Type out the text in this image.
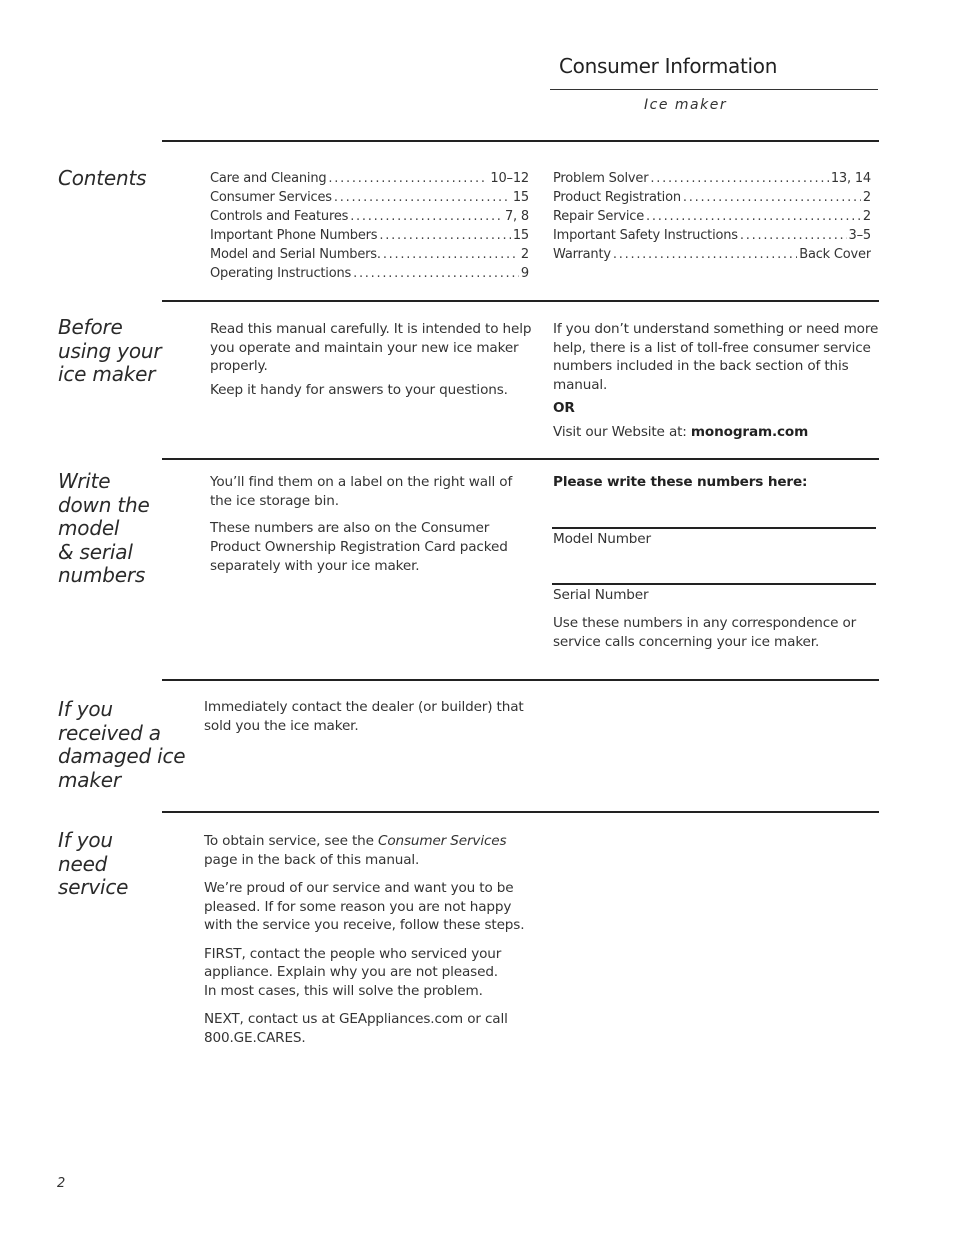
Consumer Information
Ice maker
Contents	Care and Cleaning . . .	10–12
Consumer Services . . .	15
Controls and Features . . .	7, 8
Important Phone Numbers . . .	15
Model and Serial Numbers. . . .	2
Operating Instructions . . .	9
Problem Solver . . .	13, 14
Product Registration . . .	2
Repair Service . . .	2
Important Safety Instructions . . .	3–5
Warranty . . .	Back Cover
Before
using your
ice maker

Read this manual carefully. It is intended to help you operate and maintain your new ice maker properly.

Keep it handy for answers to your questions.

If you don’t understand something or need more help, there is a list of toll-free consumer service numbers included in the back section of this manual.

OR

Visit our Website at: monogram.com

Write
down the
model
& serial
numbers

You’ll find them on a label on the right wall of the ice storage bin.

These numbers are also on the Consumer Product Ownership Registration Card packed separately with your ice maker.

Please write these numbers here:
Model Number
Serial Number
Use these numbers in any correspondence or service calls concerning your ice maker.
If you
received a
damaged ice
maker
Immediately contact the dealer (or builder) that sold you the ice maker.
If you
need
service

To obtain service, see the Consumer Services page in the back of this manual.

We’re proud of our service and want you to be pleased. If for some reason you are not happy with the service you receive, follow these steps.

FIRST, contact the people who serviced your appliance. Explain why you are not pleased.

In most cases, this will solve the problem.

NEXT, contact us at GEAppliances.com or call 800.GE.CARES.

2
